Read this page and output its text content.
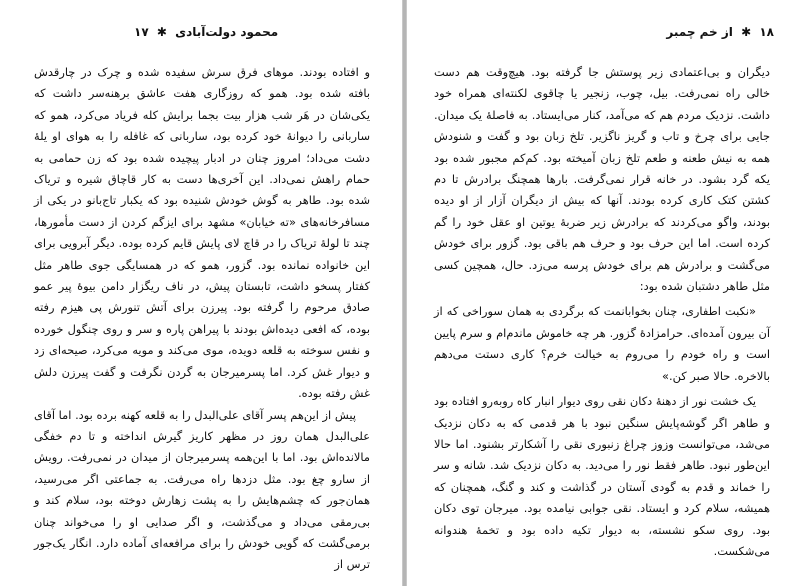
محمود دولت‌آبادی ✱ ۱۷

و افتاده بودند. موهای فرق سرش سفیده شده و چرک در چارقدش بافته شده بود. همو که روزگاری هفت عاشق برهنه‌سر داشت که یکی‌شان در هَر شب هزار بیت بجما برایش کله فریاد می‌کرد، همو که ساربانی را دیوانهٔ خود کرده بود، ساربانی که غافله را به هوای او یلهٔ دشت می‌داد؛ امروز چنان در ادبار پیچیده شده بود که زن حمامی به حمام راهش نمی‌داد. این آخری‌ها دست به کار قاچاق شیره و تریاک شده بود. طاهر به گوش خودش شنیده بود که یکبار تاج‌بانو در یکی از مسافرخانه‌های «ته خیابان» مشهد برای ایزگم کردن از دست مأمورها، چند تا لولهٔ تریاک را در قاچ لای پایش قایم کرده بوده. دیگر آبرویی برای این خانواده نمانده بود. گزور، همو که در همسایگی جوی طاهر مثل کفتار پسخو داشت، تابستان پیش، در ناف ریگزار دامن بیوهٔ پیر عمو صادق مرحوم را گرفته بود. پیرزن برای آتش تنورش پی هیزم رفته بوده، که افعی دیده‌اش بودند با پیراهن پاره و سر و روی چنگول خورده و نفس سوخته به قلعه دویده، موی می‌کند و مویه می‌کرد، صیحه‌ای زد و دیوار غش کرد. اما پسرمیرجان به گردن نگرفت و گفت پیرزن دلش غش رفته بوده.

پیش از این‌هم پسر آقای علی‌البدل را به قلعه کهنه برده بود. اما آقای علی‌البدل همان روز در مظهر کاریز گیرش انداخته و تا دم خفگی مالانده‌اش بود. اما با این‌همه پسرمیرجان از میدان در نمی‌رفت. رویش از سارو چغ بود. مثل دزدها راه می‌رفت. به جماعتی اگر می‌رسید، همان‌جور که چشم‌هایش را به پشت زهارش دوخته بود، سلام کند و بی‌رمقی می‌داد و می‌گذشت، و اگر صدایی او را می‌خواند چنان برمی‌گشت که گویی خودش را برای مرافعه‌ای آماده دارد. انگار یک‌جور ترس از

۱۸ ✱ از خم چمبر

دیگران و بی‌اعتمادی زیر پوستش جا گرفته بود. هیچ‌وقت هم دست خالی راه نمی‌رفت. بیل، چوب، زنجیر یا چاقوی لکنته‌ای همراه خود داشت. نزدیک مردم هم که می‌آمد، کنار می‌ایستاد. به فاصلهٔ یک میدان. جایی برای چرخ و تاب و گریز ناگزیر. تلخ زبان بود و گفت و شنودش همه به نیش طعنه و طعم تلخ زبان آمیخته بود. کم‌کم مجبور شده بود یکه گرد بشود. در خانه قرار نمی‌گرفت. بارها همچنگ برادرش تا دم کشتن کتک کاری کرده بودند. آنها که بیش از دیگران آزار از او دیده بودند، واگو می‌کردند که برادرش زیر ضربهٔ یوتین او عقل خود را گم کرده است. اما این حرف بود و حرف هم باقی بود. گزور برای خودش می‌گشت و برادرش هم برای خودش پرسه می‌زد. حال، همچین کسی مثل طاهر دشتبان شده بود:

«نکبت اطفاری، چنان بخوابانمت که برگردی به همان سوراخی که از آن بیرون آمده‌ای. حرامزادهٔ گزور. هر چه خاموش ماندم‌ام و سرم پایین است و راه خودم را می‌روم به خیالت خرم؟ کاری دستت می‌دهم بالاخره. حالا صبر کن.»

یک خشت نور از دهنهٔ دکان نقی روی دیوار انبار کاه روبه‌رو افتاده بود و طاهر اگر گوشه‌پایش سنگین نبود با هر قدمی که به دکان نزدیک می‌شد، می‌توانست وزوز چراغ زنبوری نقی را آشکارتر بشنود. اما حالا این‌طور نبود. طاهر فقط نور را می‌دید. به دکان نزدیک شد. شانه و سر را خماند و قدم به گودی آستان در گذاشت و کند و گنگ، همچنان که همیشه، سلام کرد و ایستاد. نقی جوابی نیامده بود. میرجان توی دکان بود. روی سکو نشسته، به دیوار تکیه داده بود و تخمهٔ هندوانه می‌شکست.
